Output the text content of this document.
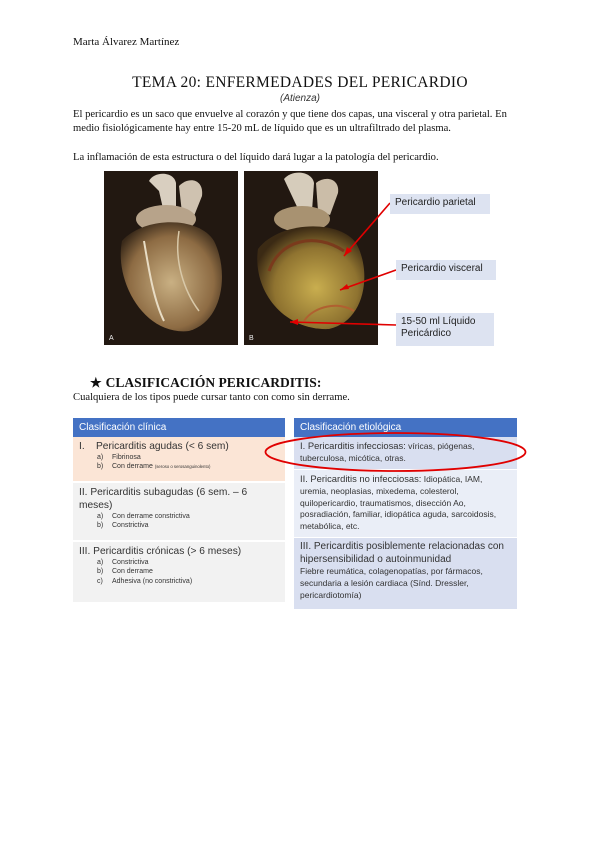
Marta Álvarez Martínez
TEMA 20: ENFERMEDADES DEL PERICARDIO
(Atienza)
El pericardio es un saco que envuelve al corazón y que tiene dos capas, una visceral y otra parietal. En medio fisiológicamente hay entre 15-20 mL de líquido que es un ultrafiltrado del plasma.
La inflamación de esta estructura o del líquido dará lugar a la patología del pericardio.
A	B
Pericardio parietal
Pericardio visceral
15-50 ml Líquido Pericárdico
★ CLASIFICACIÓN PERICARDITIS:
Cualquiera de los tipos puede cursar tanto con como sin derrame.
Clasificación clínica
I.    Pericarditis agudas (< 6 sem)
a) Fibrinosa
b) Con derrame (seroso o serosanguinolento)
II. Pericarditis subagudas (6 sem. – 6 meses)
a) Con derrame constrictiva
b) Constrictiva
III. Pericarditis crónicas (> 6 meses)
a) Constrictiva
b) Con derrame
c) Adhesiva (no constrictiva)
Clasificación etiológica
I. Pericarditis infecciosas: víricas, piógenas, tuberculosa, micótica, otras.
II. Pericarditis no infecciosas: Idiopática, IAM, uremia, neoplasias, mixedema, colesterol, quilopericardio, traumatismos, disección Ao, posradiación, familiar, idiopática aguda, sarcoidosis, metabólica, etc.
III. Pericarditis posiblemente relacionadas con hipersensibilidad o autoinmunidad
Fiebre reumática, colagenopatías, por fármacos, secundaria a lesión cardiaca (Sínd. Dressler, pericardiotomía)
